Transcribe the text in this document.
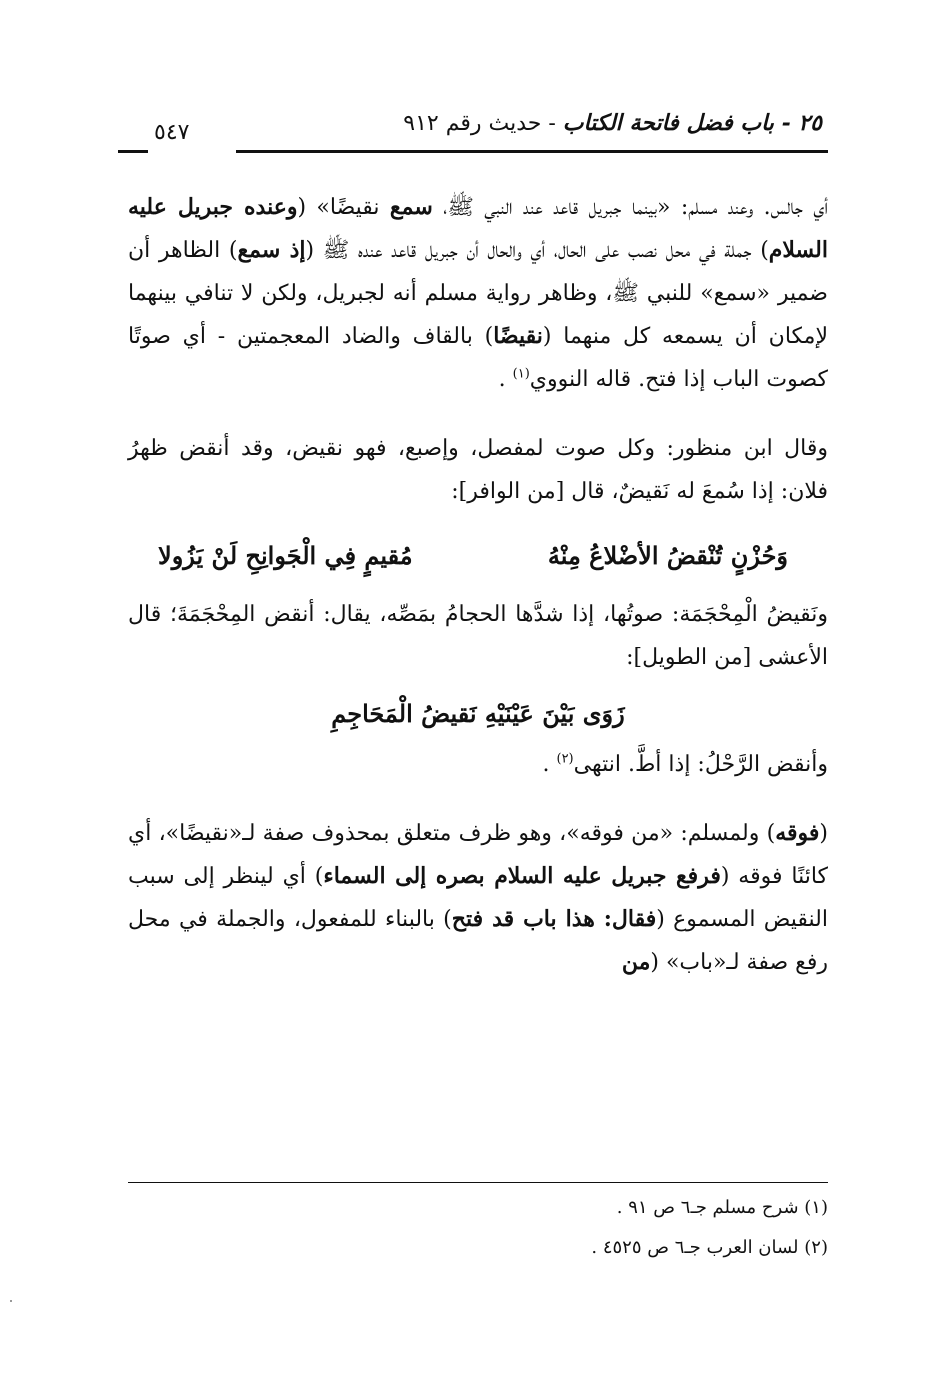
٢٥ - باب فضل فاتحة الكتاب - حديث رقم ٩١٢
٥٤٧

أي جالس. وعند مسلم: «بينما جبريل قاعد عند النبي ﷺ، سمع نقيضًا» (وعنده جبريل عليه السلام) جملة في محل نصب على الحال، أي والحال أن جبريل قاعد عنده ﷺ (إذ سمع) الظاهر أن ضمير «سمع» للنبي ﷺ، وظاهر رواية مسلم أنه لجبريل، ولكن لا تنافي بينهما لإمكان أن يسمعه كل منهما (نقيضًا) بالقاف والضاد المعجمتين - أي صوتًا كصوت الباب إذا فتح. قاله النووي$^{(١)}$ .

وقال ابن منظور: وكل صوت لمفصل، وإصبع، فهو نقيض، وقد أنقض ظهرُ فلان: إذا سُمعَ له نَقيضٌ، قال [من الوافر]:

وَحُزْنٍ تُنْقضُ الأضْلاعُ مِنْهُ
مُقيمٍ فِي الْجَوانِحِ لَنْ يَزُولا

ونَقيضُ الْمِحْجَمَة: صوتُها، إذا شدَّها الحجامُ بمَصِّه، يقال: أنقض المِحْجَمَةَ؛ قال الأعشى [من الطويل]:

زَوَى بَيْنَ عَيْنَيْهِ نَقيضُ الْمَحَاجِمِ

وأنقض الرَّحْلُ: إذا أطَّ. انتهى$^{(٢)}$ .

(فوقه) ولمسلم: «من فوقه»، وهو ظرف متعلق بمحذوف صفة لـ«نقيضًا»، أي كائنًا فوقه (فرفع جبريل عليه السلام بصره إلى السماء) أي لينظر إلى سبب النقيض المسموع (فقال: هذا باب قد فتح) بالبناء للمفعول، والجملة في محل رفع صفة لـ«باب» (من

(١) شرح مسلم جـ٦ ص ٩١ .

(٢) لسان العرب جـ٦ ص ٤٥٢٥ .
